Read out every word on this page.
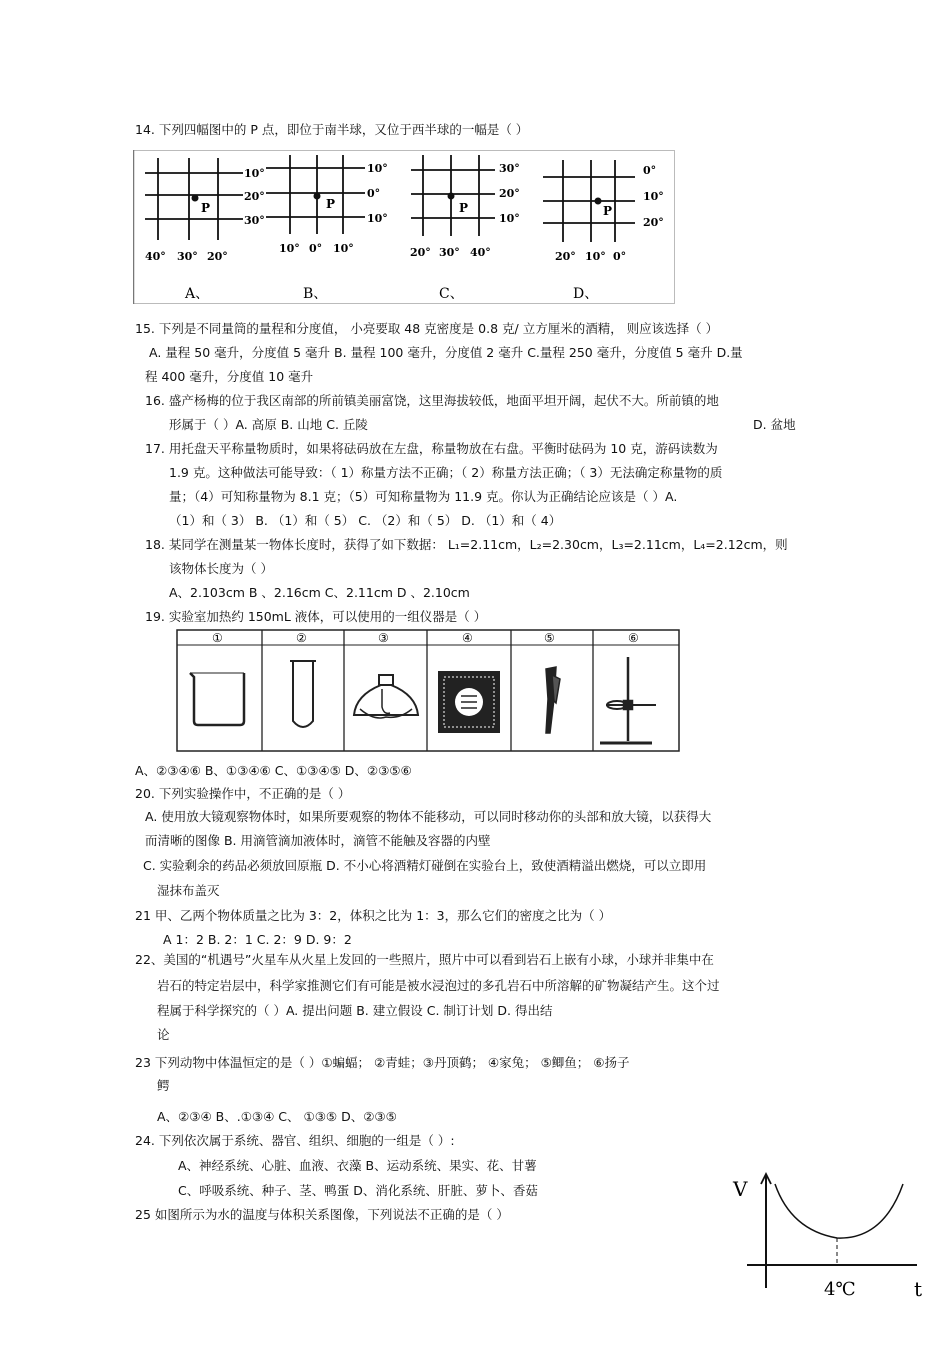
14. 下列四幅图中的 P 点，即位于南半球，又位于西半球的一幅是（ ）
P
10°
20°
30°
40° 30° 20°
A、
P
10°
0°
10°
10° 0° 10°
B、
P
30°
20°
10°
20° 30° 40°
C、
P
0°
10°
20°
20° 10° 0°
D、
15. 下列是不同量筒的量程和分度值， 小亮要取 48 克密度是 0.8 克/ 立方厘米的酒精， 则应该选择（ ）
A. 量程 50 毫升，分度值 5 毫升 B. 量程 100 毫升，分度值 2 毫升 C.量程 250 毫升，分度值 5 毫升 D.量
程 400 毫升，分度值 10 毫升
16. 盛产杨梅的位于我区南部的所前镇美丽富饶，这里海拔较低，地面平坦开阔，起伏不大。所前镇的地
形属于（ ）A. 高原 B. 山地 C. 丘陵	D. 盆地
17. 用托盘天平称量物质时，如果将砝码放在左盘，称量物放在右盘。平衡时砝码为 10 克，游码读数为
1.9 克。这种做法可能导致：（ 1）称量方法不正确；（ 2）称量方法正确；（ 3）无法确定称量物的质
量；（4）可知称量物为 8.1 克；（5）可知称量物为 11.9 克。你认为正确结论应该是（ ）A.
（1）和（ 3） B. （1）和（ 5） C. （2）和（ 5） D. （1）和（ 4）
18. 某同学在测量某一物体长度时，获得了如下数据： L₁=2.11cm，L₂=2.30cm，L₃=2.11cm，L₄=2.12cm，则
该物体长度为（ ）
A、2.103cm B 、2.16cm C、2.11cm D 、2.10cm
19. 实验室加热约 150mL 液体，可以使用的一组仪器是（ ）
①	②	③	④	⑤	⑥
A、②③④⑥ B、①③④⑥ C、①③④⑤ D、②③⑤⑥
20. 下列实验操作中，不正确的是（ ）
A. 使用放大镜观察物体时，如果所要观察的物体不能移动，可以同时移动你的头部和放大镜，以获得大
而清晰的图像 B. 用滴管滴加液体时，滴管不能触及容器的内壁
C. 实验剩余的药品必须放回原瓶 D. 不小心将酒精灯碰倒在实验台上，致使酒精溢出燃烧，可以立即用
湿抹布盖灭
21 甲、乙两个物体质量之比为 3：2，体积之比为 1：3，那么它们的密度之比为（ ）
A 1：2 B. 2：1 C. 2：9 D. 9：2
22、美国的“机遇号”火星车从火星上发回的一些照片，照片中可以看到岩石上嵌有小球，小球并非集中在
岩石的特定岩层中，科学家推测它们有可能是被水浸泡过的多孔岩石中所溶解的矿物凝结产生。这个过
程属于科学探究的（ ）A. 提出问题 B. 建立假设 C. 制订计划 D. 得出结
论
23 下列动物中体温恒定的是（ ）①蝙蝠； ②青蛙；③丹顶鹤； ④家兔； ⑤鲫鱼； ⑥扬子
鳄
A、②③④ B、.①③④ C、 ①③⑤ D、②③⑤
24. 下列依次属于系统、器官、组织、细胞的一组是（ ）:
A、神经系统、心脏、血液、衣藻 B、运动系统、果实、花、甘薯
C、呼吸系统、种子、茎、鸭蛋 D、消化系统、肝脏、萝卜、香菇
25 如图所示为水的温度与体积关系图像，下列说法不正确的是（ ）
V
t
4℃
